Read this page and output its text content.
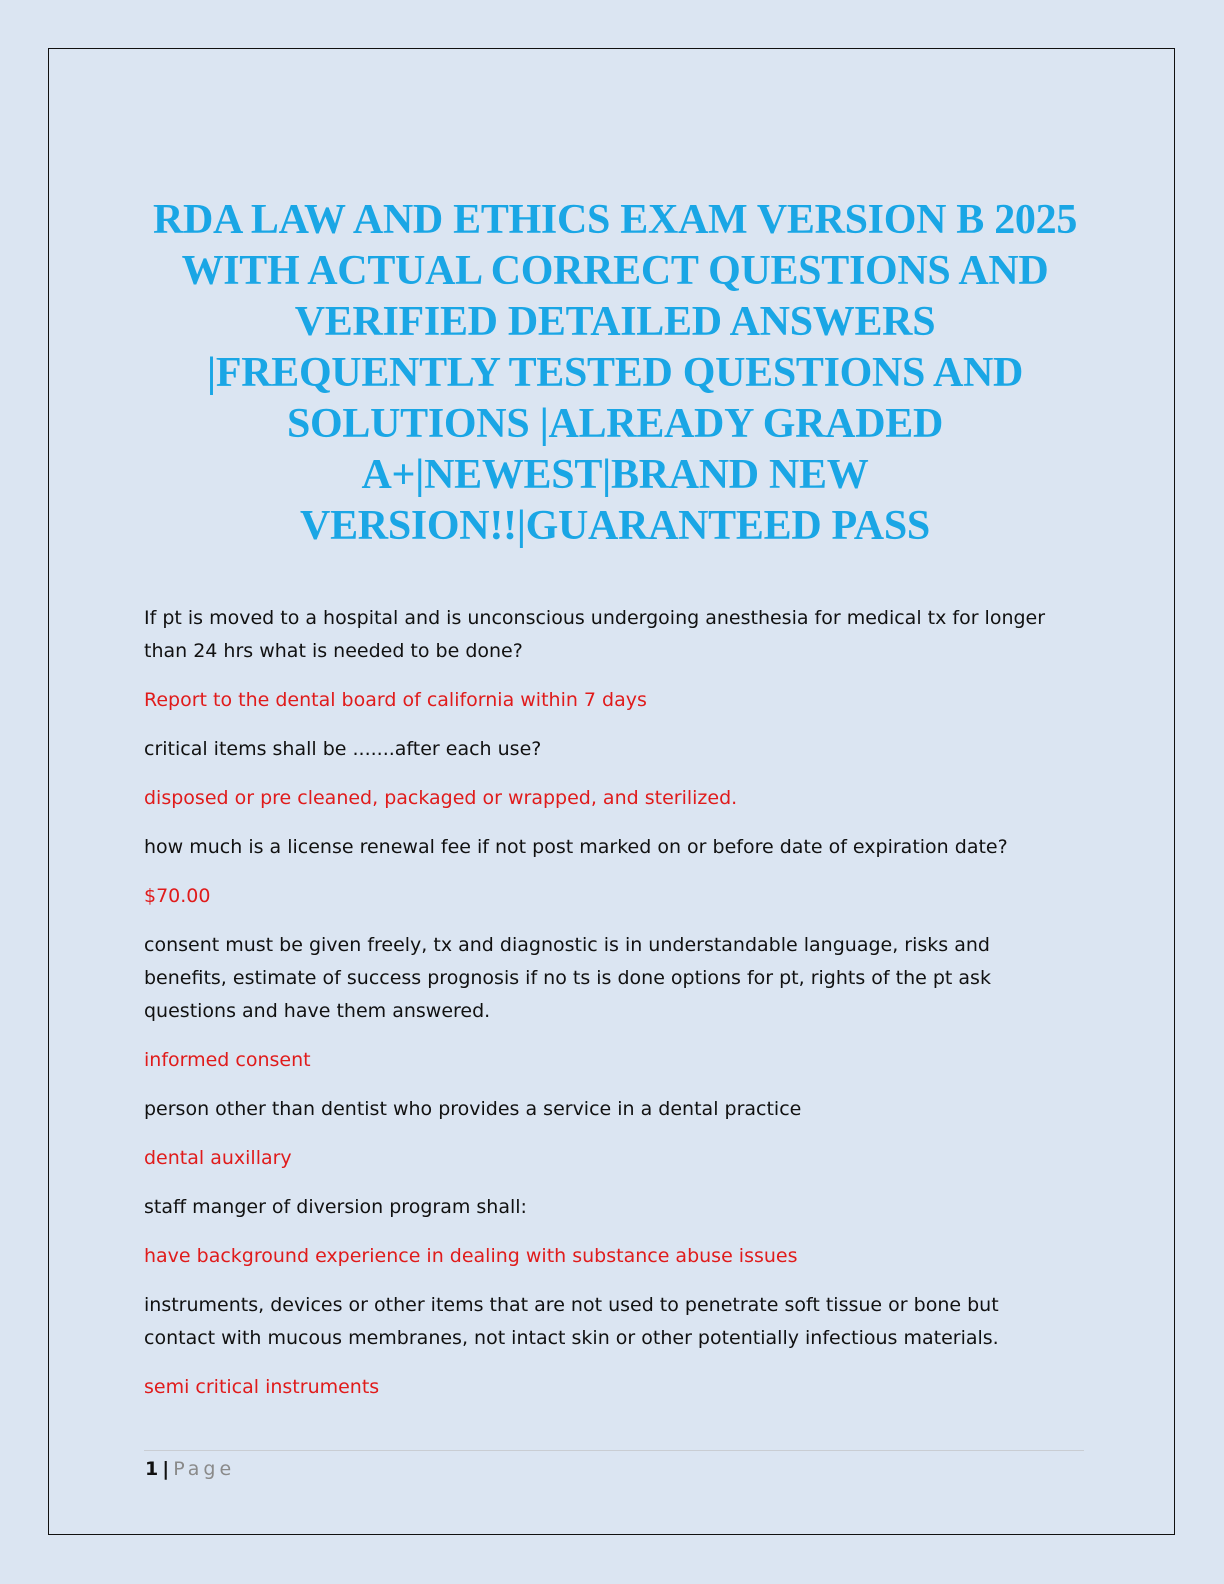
RDA LAW AND ETHICS EXAM VERSION B 2025 WITH ACTUAL CORRECT QUESTIONS AND VERIFIED DETAILED ANSWERS |FREQUENTLY TESTED QUESTIONS AND SOLUTIONS |ALREADY GRADED A+|NEWEST|BRAND NEW VERSION!!|GUARANTEED PASS

If pt is moved to a hospital and is unconscious undergoing anesthesia for medical tx for longer than 24 hrs what is needed to be done?

Report to the dental board of california within 7 days

critical items shall be .......after each use?

disposed or pre cleaned, packaged or wrapped, and sterilized.

how much is a license renewal fee if not post marked on or before date of expiration date?

$70.00

consent must be given freely, tx and diagnostic is in understandable language, risks and benefits, estimate of success prognosis if no ts is done options for pt, rights of the pt ask questions and have them answered.

informed consent

person other than dentist who provides a service in a dental practice

dental auxillary

staff manger of diversion program shall:

have background experience in dealing with substance abuse issues

instruments, devices or other items that are not used to penetrate soft tissue or bone but contact with mucous membranes, not intact skin or other potentially infectious materials.

semi critical instruments

1 | Page
